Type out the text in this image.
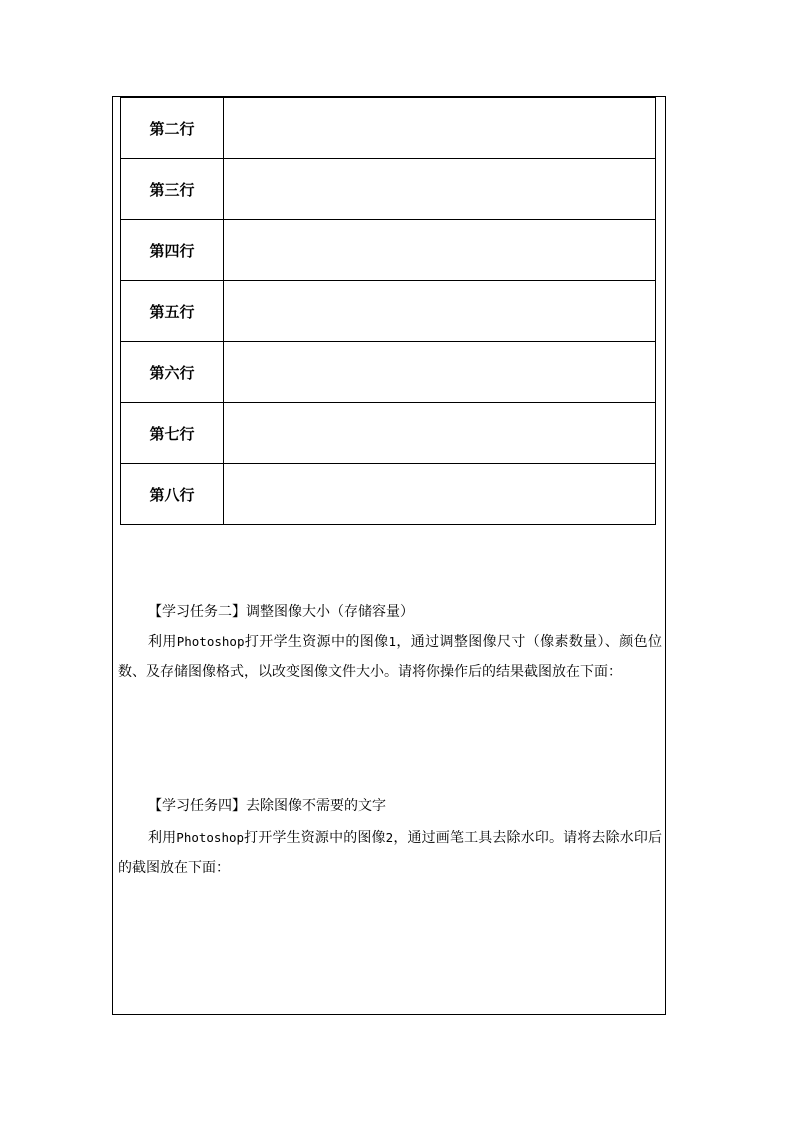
第二行	
第三行	
第四行	
第五行	
第六行	
第七行	
第八行	
【学习任务二】调整图像大小（存储容量）
利用Photoshop打开学生资源中的图像1，通过调整图像尺寸（像素数量）、颜色位数、及存储图像格式，以改变图像文件大小。请将你操作后的结果截图放在下面：
【学习任务四】去除图像不需要的文字
利用Photoshop打开学生资源中的图像2，通过画笔工具去除水印。请将去除水印后的截图放在下面：
